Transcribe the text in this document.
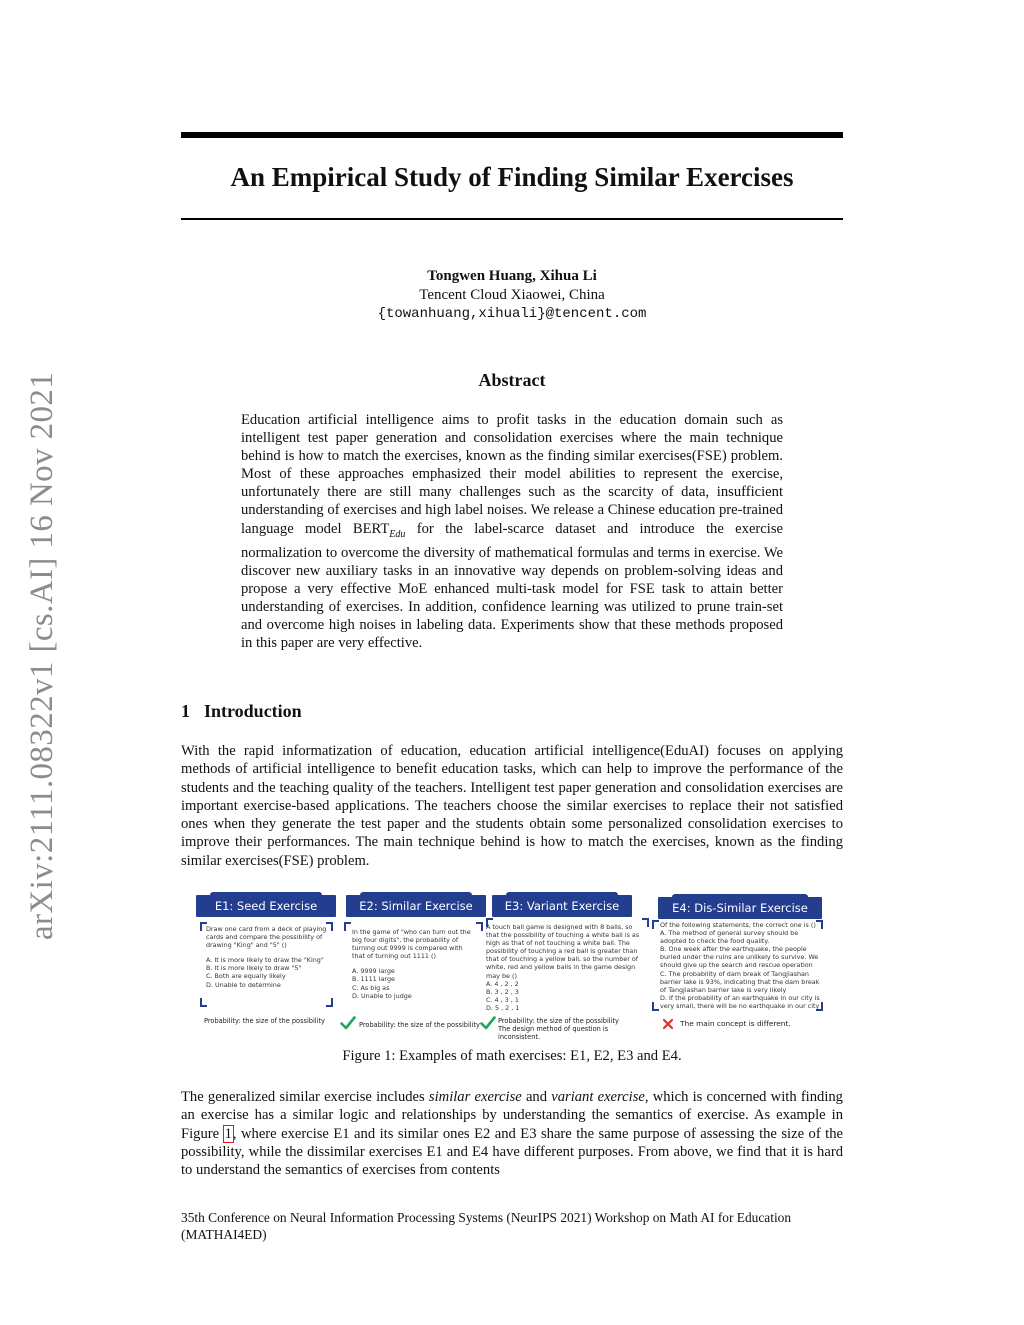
arXiv:2111.08322v1 [cs.AI] 16 Nov 2021
An Empirical Study of Finding Similar Exercises
Tongwen Huang, Xihua Li
Tencent Cloud Xiaowei, China
{towanhuang,xihuali}@tencent.com
Abstract

Education artificial intelligence aims to profit tasks in the education domain such as intelligent test paper generation and consolidation exercises where the main technique behind is how to match the exercises, known as the finding similar exercises(FSE) problem. Most of these approaches emphasized their model abilities to represent the exercise, unfortunately there are still many challenges such as the scarcity of data, insufficient understanding of exercises and high label noises. We release a Chinese education pre-trained language model $BERT_{Edu}$ for the label-scarce dataset and introduce the exercise normalization to overcome the diversity of mathematical formulas and terms in exercise. We discover new auxiliary tasks in an innovative way depends on problem-solving ideas and propose a very effective MoE enhanced multi-task model for FSE task to attain better understanding of exercises. In addition, confidence learning was utilized to prune train-set and overcome high noises in labeling data. Experiments show that these methods proposed in this paper are very effective.

1 Introduction

With the rapid informatization of education, education artificial intelligence(EduAI) focuses on applying methods of artificial intelligence to benefit education tasks, which can help to improve the performance of the students and the teaching quality of the teachers. Intelligent test paper generation and consolidation exercises are important exercise-based applications. The teachers choose the similar exercises to replace their not satisfied ones when they generate the test paper and the students obtain some personalized consolidation exercises to improve their performances. The main technique behind is how to match the exercises, known as the finding similar exercises(FSE) problem.

E1: Seed Exercise
Draw one card from a deck of playing cards and compare the possibility of drawing "King" and "5" ()
A. It is more likely to draw the "King"
B. It is more likely to draw "5"
C. Both are equally likely
D. Unable to determine
Probability: the size of the possibility
E2: Similar Exercise
In the game of "who can turn out the big four digits", the probability of turning out 9999 is compared with that of turning out 1111 ()
A. 9999 large
B. 1111 large
C. As big as
D. Unable to judge
Probability: the size of the possibility
E3: Variant Exercise
A touch ball game is designed with 8 balls, so that the possibility of touching a white ball is as high as that of not touching a white ball. The possibility of touching a red ball is greater than that of touching a yellow ball, so the number of white, red and yellow balls in the game design may be ()
A. 4 , 2 , 2
B. 3 , 2 , 3
C. 4 , 3 , 1
D. 5 , 2 , 1
Probability: the size of the possibility
The design method of question is inconsistent.
E4: Dis-Similar Exercise
Of the following statements, the correct one is ()
A. The method of general survey should be adopted to check the food quality.
B. One week after the earthquake, the people buried under the ruins are unlikely to survive. We should give up the search and rescue operation
C. The probability of dam break of Tangjiashan barrier lake is 93%, indicating that the dam break of Tangjiashan barrier lake is very likely
D. If the probability of an earthquake in our city is very small, there will be no earthquake in our city
The main concept is different.

Figure 1: Examples of math exercises: E1, E2, E3 and E4.

The generalized similar exercise includes similar exercise and variant exercise, which is concerned with finding an exercise has a similar logic and relationships by understanding the semantics of exercise. As example in Figure 1, where exercise E1 and its similar ones E2 and E3 share the same purpose of assessing the size of the possibility, while the dissimilar exercises E1 and E4 have different purposes. From above, we find that it is hard to understand the semantics of exercises from contents

35th Conference on Neural Information Processing Systems (NeurIPS 2021) Workshop on Math AI for Education (MATHAI4ED)
